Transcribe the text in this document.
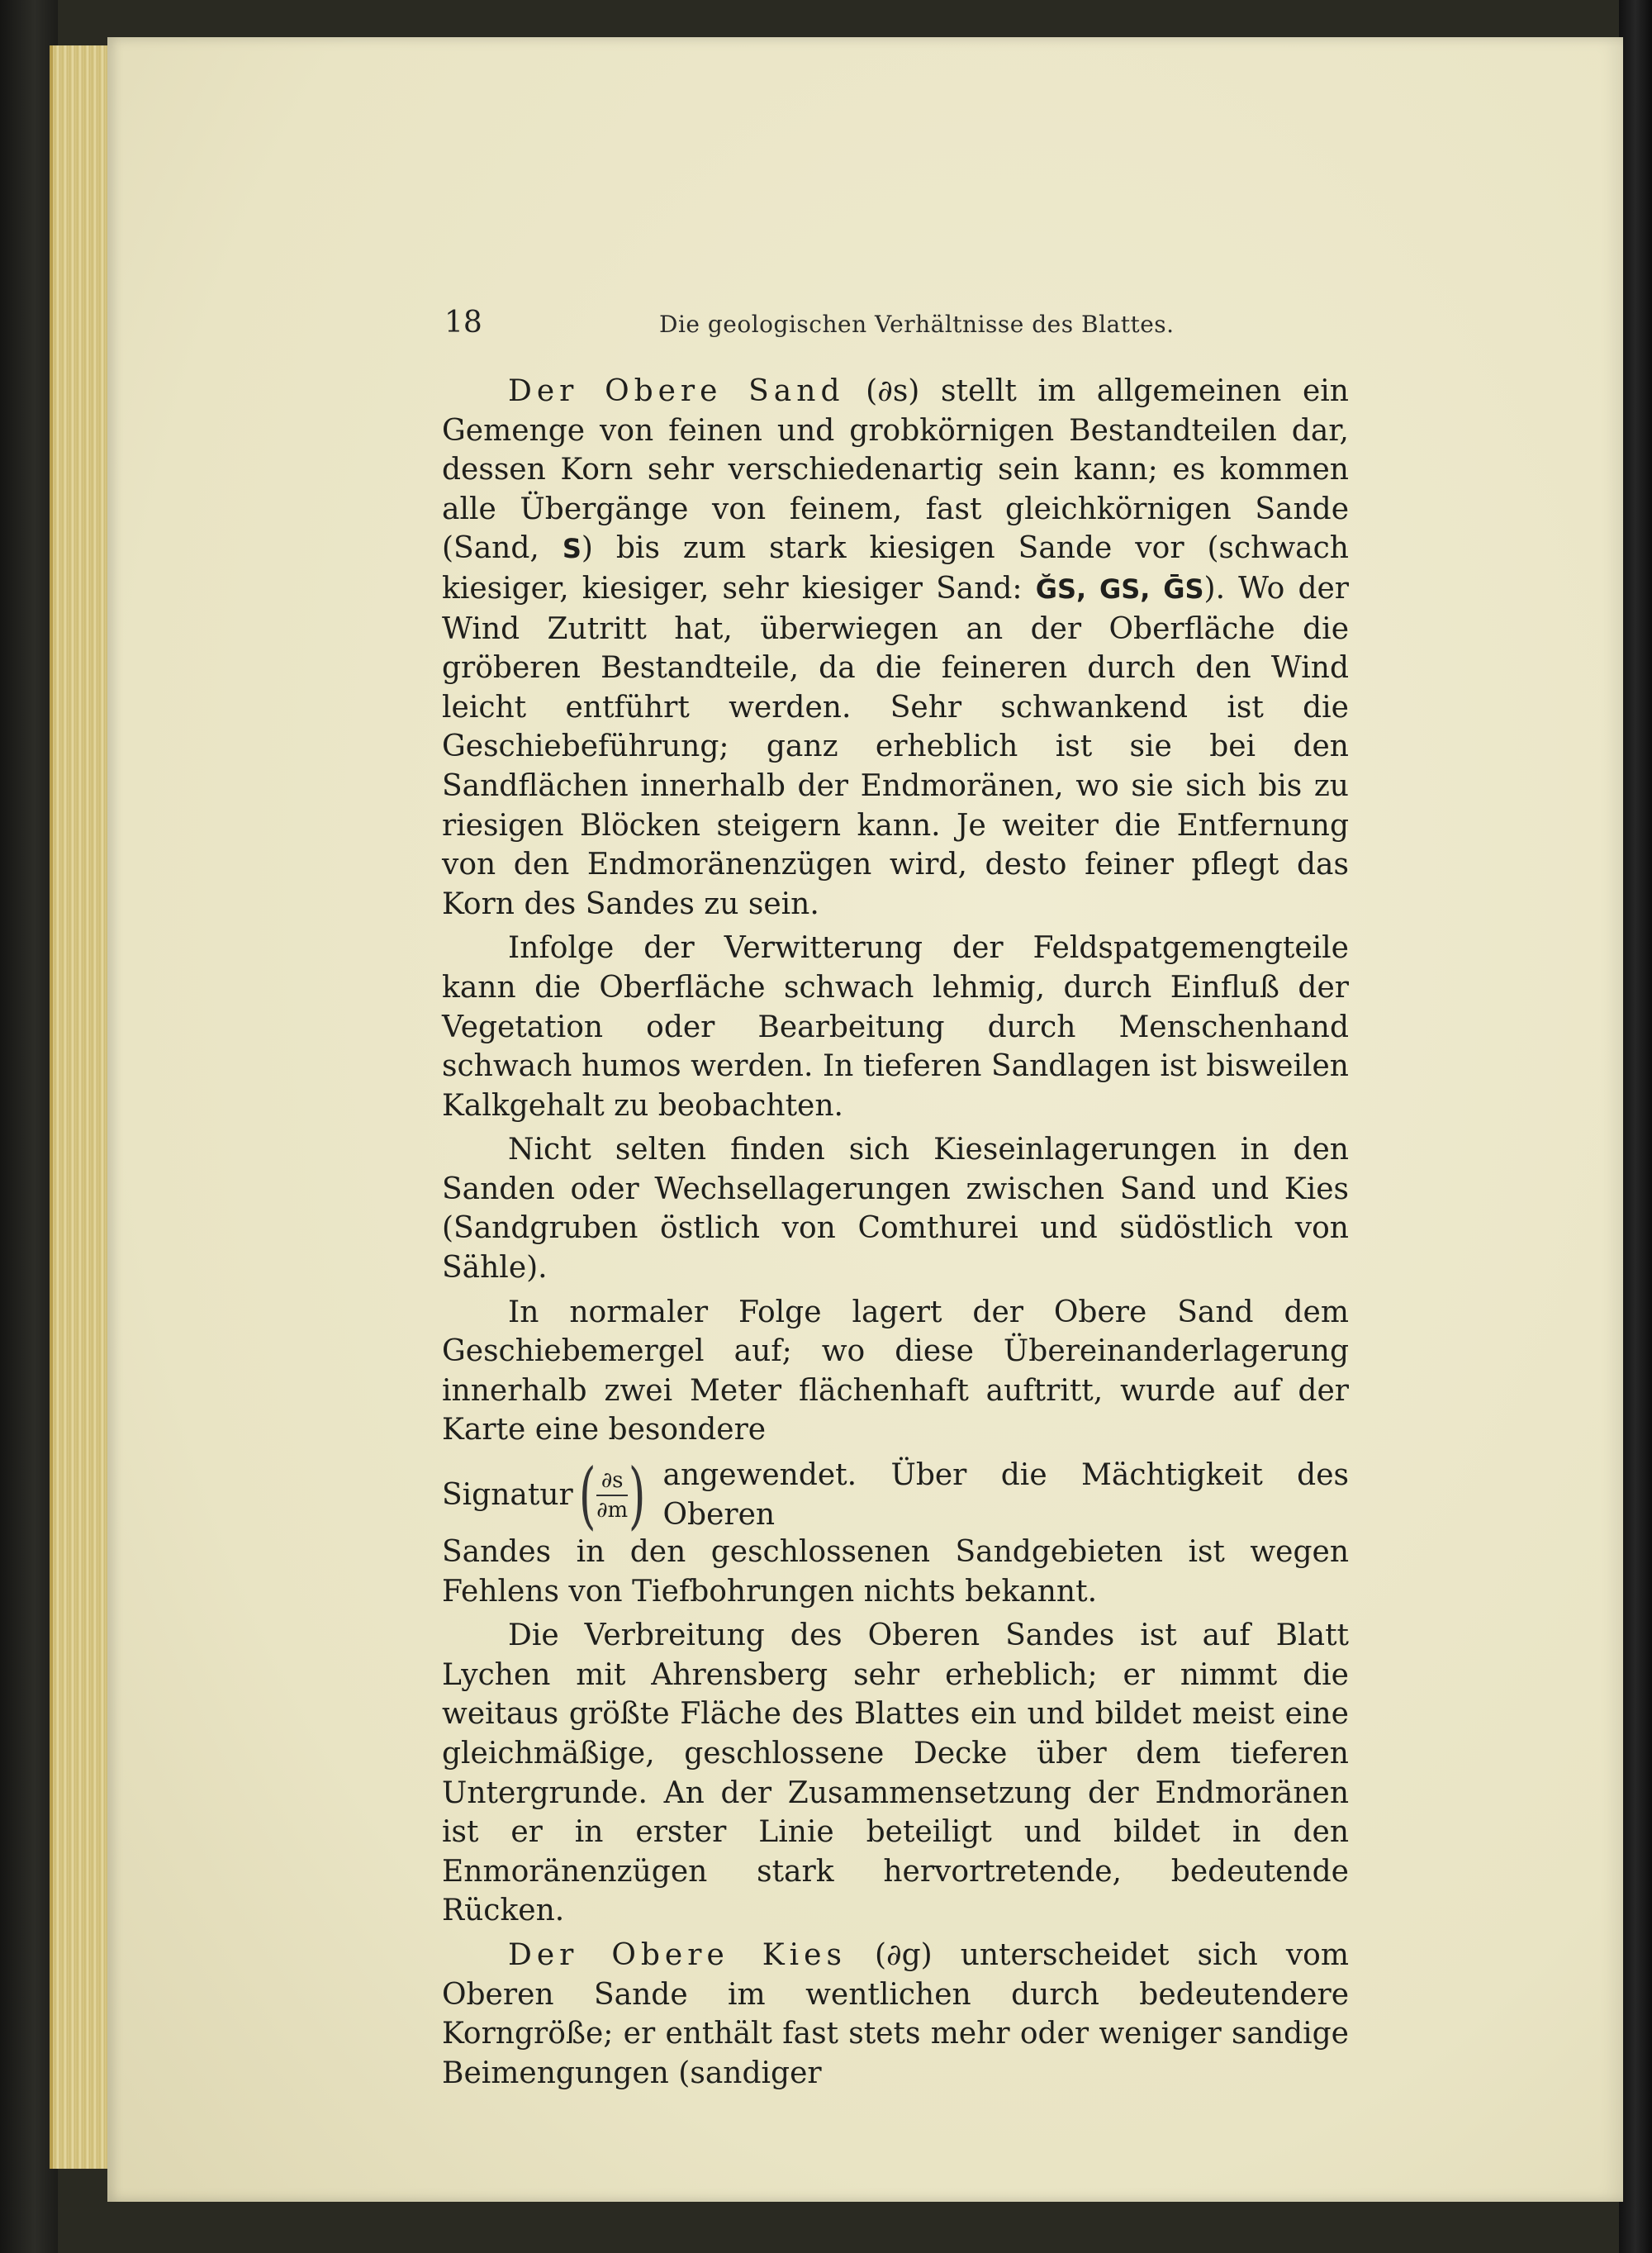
18	Die geologischen Verhältnisse des Blattes.

Der Obere Sand (∂s) stellt im allgemeinen ein Gemenge von feinen und grobkörnigen Bestandteilen dar, dessen Korn sehr verschiedenartig sein kann; es kommen alle Übergänge von feinem, fast gleichkörnigen Sande (Sand, S) bis zum stark kiesigen Sande vor (schwach kiesiger, kiesiger, sehr kiesiger Sand: ĞS, GS, ḠS). Wo der Wind Zutritt hat, überwiegen an der Oberfläche die gröberen Bestandteile, da die feineren durch den Wind leicht entführt werden. Sehr schwankend ist die Geschiebeführung; ganz erheblich ist sie bei den Sandflächen innerhalb der Endmoränen, wo sie sich bis zu riesigen Blöcken steigern kann. Je weiter die Entfernung von den Endmoränenzügen wird, desto feiner pflegt das Korn des Sandes zu sein.

Infolge der Verwitterung der Feldspatgemengteile kann die Oberfläche schwach lehmig, durch Einfluß der Vegetation oder Bearbeitung durch Menschenhand schwach humos werden. In tieferen Sandlagen ist bisweilen Kalkgehalt zu beobachten.

Nicht selten finden sich Kieseinlagerungen in den Sanden oder Wechsellagerungen zwischen Sand und Kies (Sandgruben östlich von Comthurei und südöstlich von Sähle).

In normaler Folge lagert der Obere Sand dem Geschiebemergel auf; wo diese Übereinanderlagerung innerhalb zwei Meter flächenhaft auftritt, wurde auf der Karte eine besondere

Signatur ( $\frac{\partial s}{\partial m}$ ) angewendet. Über die Mächtigkeit des Oberen

Sandes in den geschlossenen Sandgebieten ist wegen Fehlens von Tiefbohrungen nichts bekannt.

Die Verbreitung des Oberen Sandes ist auf Blatt Lychen mit Ahrensberg sehr erheblich; er nimmt die weitaus größte Fläche des Blattes ein und bildet meist eine gleichmäßige, geschlossene Decke über dem tieferen Untergrunde. An der Zusammensetzung der Endmoränen ist er in erster Linie beteiligt und bildet in den Enmoränenzügen stark hervortretende, bedeutende Rücken.

Der Obere Kies (∂g) unterscheidet sich vom Oberen Sande im wentlichen durch bedeutendere Korngröße; er enthält fast stets mehr oder weniger sandige Beimengungen (sandiger
